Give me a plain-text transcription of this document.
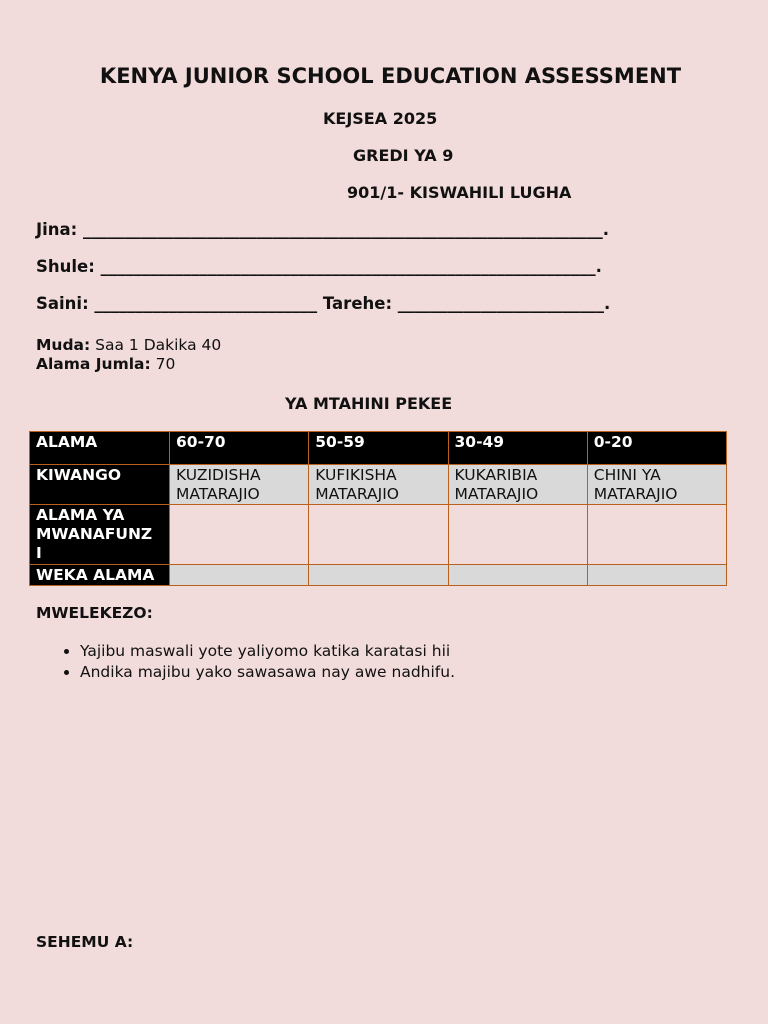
KENYA JUNIOR SCHOOL EDUCATION ASSESSMENT
KEJSEA 2025
GREDI YA 9
901/1- KISWAHILI LUGHA
Jina: _______________________________________________________________.
Shule: ____________________________________________________________.
Saini: ___________________________ Tarehe: _________________________.
Muda: Saa 1 Dakika 40
Alama Jumla: 70
YA MTAHINI PEKEE
ALAMA	60-70	50-59	30-49	0-20
KIWANGO	KUZIDISHA MATARAJIO	KUFIKISHA MATARAJIO	KUKARIBIA MATARAJIO	CHINI YA MATARAJIO
ALAMA YA MWANAFUNZ I				
WEKA ALAMA				
MWELEKEZO:
• Yajibu maswali yote yaliyomo katika karatasi hii
• Andika majibu yako sawasawa nay awe nadhifu.
SEHEMU A:
